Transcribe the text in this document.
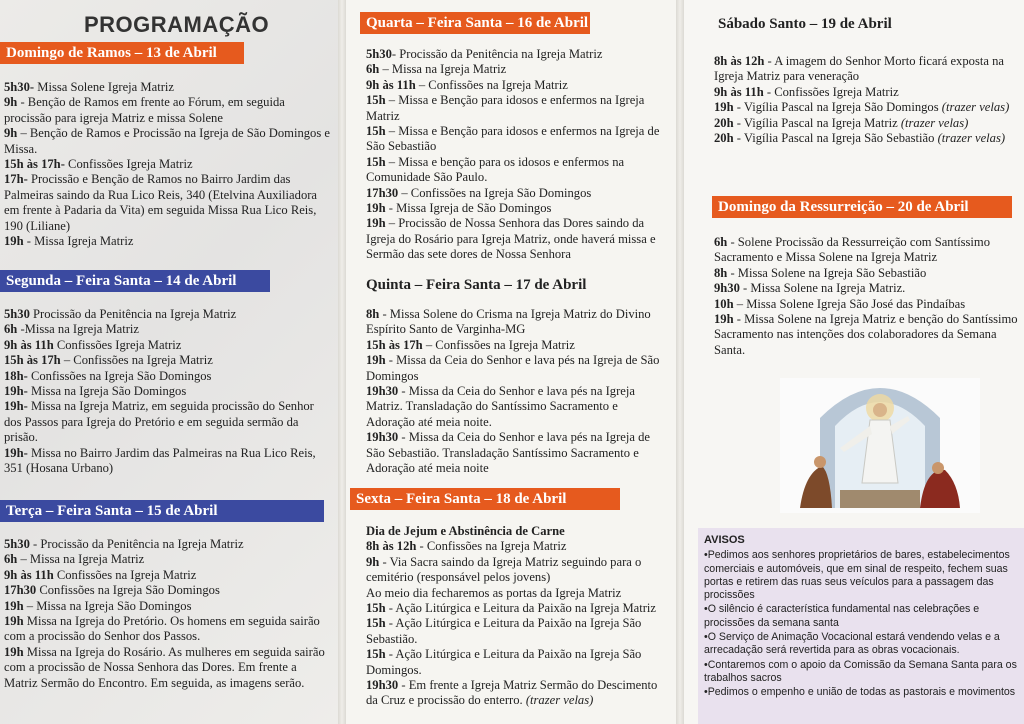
PROGRAMAÇÃO
Domingo de Ramos – 13 de Abril

5h30- Missa Solene Igreja Matriz

9h - Benção de Ramos em frente ao Fórum, em seguida procissão para igreja Matriz e missa Solene

9h – Benção de Ramos e Procissão na Igreja de São Domingos e Missa.

15h às 17h- Confissões Igreja Matriz

17h- Procissão e Benção de Ramos no Bairro Jardim das Palmeiras saindo da Rua Lico Reis, 340 (Etelvina Auxiliadora em frente à Padaria da Vita) em seguida Missa Rua Lico Reis, 190 (Liliane)

19h - Missa Igreja Matriz

Segunda – Feira Santa – 14 de Abril

5h30 Procissão da Penitência na Igreja Matriz

6h -Missa na Igreja Matriz

9h às 11h Confissões Igreja Matriz

15h às 17h – Confissões na Igreja Matriz

18h- Confissões na Igreja São Domingos

19h- Missa na Igreja São Domingos

19h- Missa na Igreja Matriz, em seguida procissão do Senhor dos Passos para Igreja do Pretório e em seguida sermão da prisão.

19h- Missa no Bairro Jardim das Palmeiras na Rua Lico Reis, 351 (Hosana Urbano)

Terça – Feira Santa – 15 de Abril

5h30 - Procissão da Penitência na Igreja Matriz

6h – Missa na Igreja Matriz

9h às 11h Confissões na Igreja Matriz

17h30 Confissões na Igreja São Domingos

19h – Missa na Igreja São Domingos

19h Missa na Igreja do Pretório. Os homens em seguida sairão com a procissão do Senhor dos Passos.

19h Missa na Igreja do Rosário. As mulheres em seguida sairão com a procissão de Nossa Senhora das Dores. Em frente a Matriz Sermão do Encontro. Em seguida, as imagens serão.

Quarta – Feira Santa – 16 de Abril

5h30- Procissão da Penitência na Igreja Matriz

6h – Missa na Igreja Matriz

9h às 11h – Confissões na Igreja Matriz

15h – Missa e Benção para idosos e enfermos na Igreja Matriz

15h – Missa e Benção para idosos e enfermos na Igreja de São Sebastião

15h – Missa e benção para os idosos e enfermos na Comunidade São Paulo.

17h30 – Confissões na Igreja São Domingos

19h - Missa Igreja de São Domingos

19h – Procissão de Nossa Senhora das Dores saindo da Igreja do Rosário para Igreja Matriz, onde haverá missa e Sermão das sete dores de Nossa Senhora

Quinta – Feira Santa – 17 de Abril

8h - Missa Solene do Crisma na Igreja Matriz do Divino Espírito Santo de Varginha-MG

15h às 17h – Confissões na Igreja Matriz

19h - Missa da Ceia do Senhor e lava pés na Igreja de São Domingos

19h30 - Missa da Ceia do Senhor e lava pés na Igreja Matriz. Transladação do Santíssimo Sacramento e Adoração até meia noite.

19h30 - Missa da Ceia do Senhor e lava pés na Igreja de São Sebastião. Transladação Santíssimo Sacramento e Adoração até meia noite

Sexta – Feira Santa – 18 de Abril

Dia de Jejum e Abstinência de Carne

8h às 12h - Confissões na Igreja Matriz

9h - Via Sacra saindo da Igreja Matriz seguindo para o cemitério (responsável pelos jovens)

Ao meio dia fecharemos as portas da Igreja Matriz

15h - Ação Litúrgica e Leitura da Paixão na Igreja Matriz

15h - Ação Litúrgica e Leitura da Paixão na Igreja São Sebastião.

15h - Ação Litúrgica e Leitura da Paixão na Igreja São Domingos.

19h30 - Em frente a Igreja Matriz Sermão do Descimento da Cruz e procissão do enterro. (trazer velas)

Sábado Santo – 19 de Abril

8h às 12h - A imagem do Senhor Morto ficará exposta na Igreja Matriz para veneração

9h às 11h - Confissões Igreja Matriz

19h - Vigília Pascal na Igreja São Domingos (trazer velas)

20h - Vigília Pascal na Igreja Matriz (trazer velas)

20h - Vigília Pascal na Igreja São Sebastião (trazer velas)

Domingo da Ressurreição – 20 de Abril

6h - Solene Procissão da Ressurreição com Santíssimo Sacramento e Missa Solene na Igreja Matriz

8h - Missa Solene na Igreja São Sebastião

9h30 - Missa Solene na Igreja Matriz.

10h – Missa Solene Igreja São José das Pindaíbas

19h - Missa Solene na Igreja Matriz e benção do Santíssimo Sacramento nas intenções dos colaboradores da Semana Santa.

AVISOS

•Pedimos aos senhores proprietários de bares, estabelecimentos comerciais e automóveis, que em sinal de respeito, fechem suas portas e retirem das ruas seus veículos para a passagem das procissões

•O silêncio é característica fundamental nas celebrações e procissões da semana santa

•O Serviço de Animação Vocacional estará vendendo velas e a arrecadação será revertida para as obras vocacionais.

•Contaremos com o apoio da Comissão da Semana Santa para os trabalhos sacros

•Pedimos o empenho e união de todas as pastorais e movimentos
